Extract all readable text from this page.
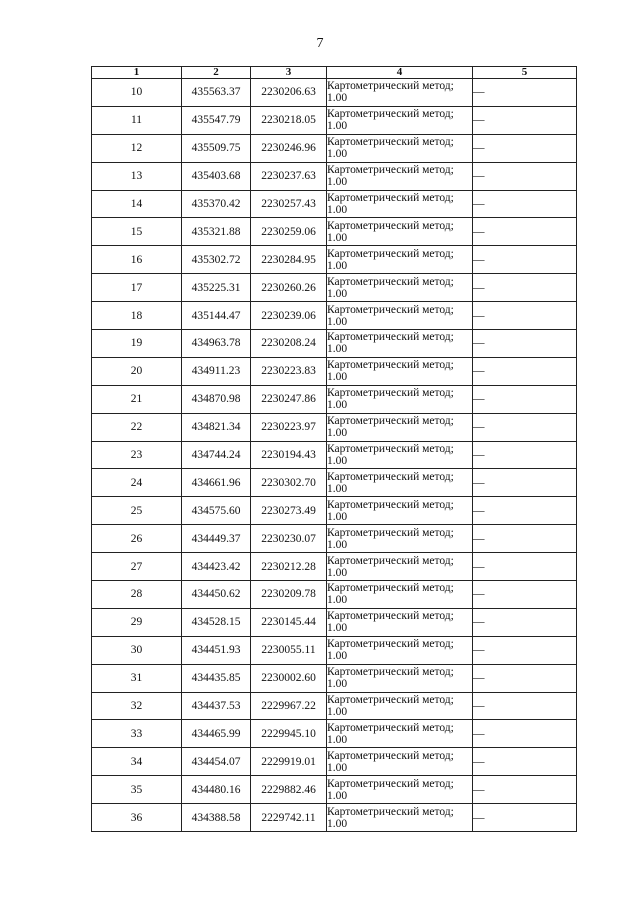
7
1	2	3	4	5
10	435563.37	2230206.63	Картометрический метод;
1.00	—
11	435547.79	2230218.05	Картометрический метод;
1.00	—
12	435509.75	2230246.96	Картометрический метод;
1.00	—
13	435403.68	2230237.63	Картометрический метод;
1.00	—
14	435370.42	2230257.43	Картометрический метод;
1.00	—
15	435321.88	2230259.06	Картометрический метод;
1.00	—
16	435302.72	2230284.95	Картометрический метод;
1.00	—
17	435225.31	2230260.26	Картометрический метод;
1.00	—
18	435144.47	2230239.06	Картометрический метод;
1.00	—
19	434963.78	2230208.24	Картометрический метод;
1.00	—
20	434911.23	2230223.83	Картометрический метод;
1.00	—
21	434870.98	2230247.86	Картометрический метод;
1.00	—
22	434821.34	2230223.97	Картометрический метод;
1.00	—
23	434744.24	2230194.43	Картометрический метод;
1.00	—
24	434661.96	2230302.70	Картометрический метод;
1.00	—
25	434575.60	2230273.49	Картометрический метод;
1.00	—
26	434449.37	2230230.07	Картометрический метод;
1.00	—
27	434423.42	2230212.28	Картометрический метод;
1.00	—
28	434450.62	2230209.78	Картометрический метод;
1.00	—
29	434528.15	2230145.44	Картометрический метод;
1.00	—
30	434451.93	2230055.11	Картометрический метод;
1.00	—
31	434435.85	2230002.60	Картометрический метод;
1.00	—
32	434437.53	2229967.22	Картометрический метод;
1.00	—
33	434465.99	2229945.10	Картометрический метод;
1.00	—
34	434454.07	2229919.01	Картометрический метод;
1.00	—
35	434480.16	2229882.46	Картометрический метод;
1.00	—
36	434388.58	2229742.11	Картометрический метод;
1.00	—
